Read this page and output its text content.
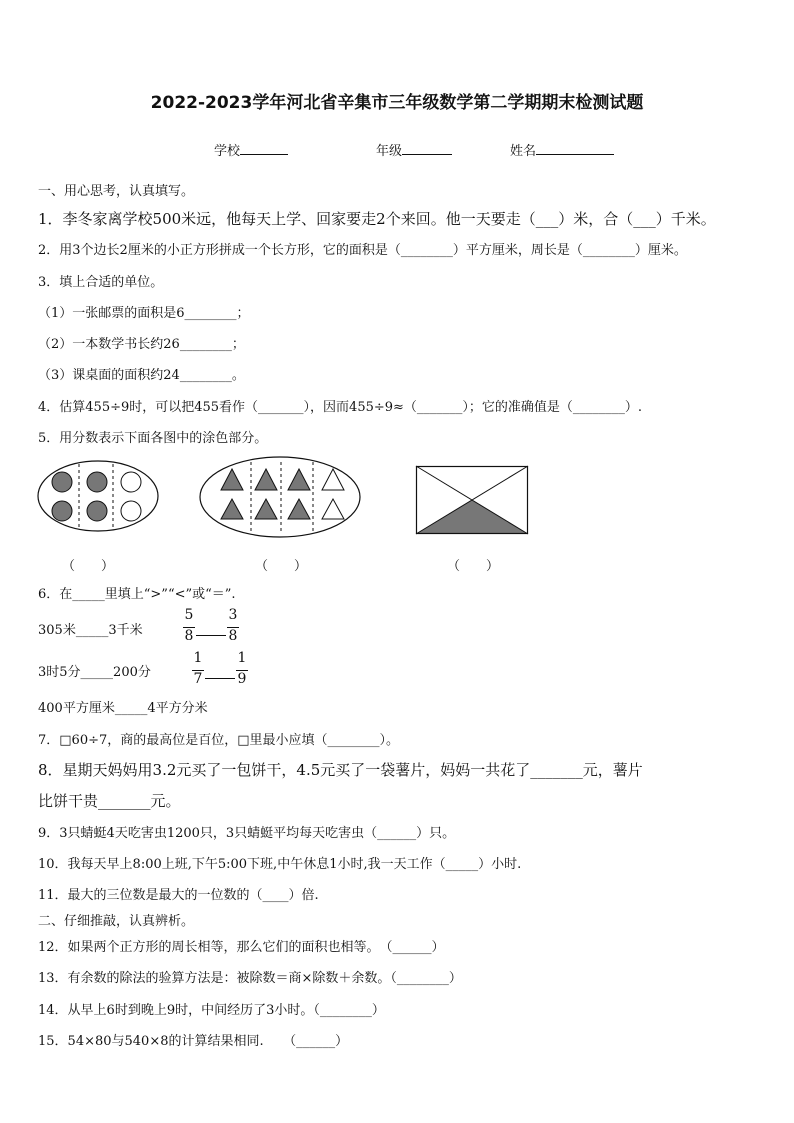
2022-2023学年河北省辛集市三年级数学第二学期期末检测试题
学校	年级	姓名
一、用心思考，认真填写。
1．李冬家离学校500米远，他每天上学、回家要走2个来回。他一天要走（___）米，合（___）千米。
2．用3个边长2厘米的小正方形拼成一个长方形，它的面积是（________）平方厘米，周长是（________）厘米。
3．填上合适的单位。
（1）一张邮票的面积是6________；
（2）一本数学书长约26________；
（3）课桌面的面积约24________。
4．估算455÷9时，可以把455看作（_______），因而455÷9≈（_______）；它的准确值是（________）.
5．用分数表示下面各图中的涂色部分。
（　　）	（　　）	（　　）
6．在_____里填上“>”“<”或“＝”.
305米_____3千米
5
8
3
8
3时5分_____200分
1
7
1
9
400平方厘米_____4平方分米
7．□60÷7，商的最高位是百位，□里最小应填（________）。
8．星期天妈妈用3.2元买了一包饼干，4.5元买了一袋薯片，妈妈一共花了_______元，薯片
比饼干贵_______元。
9．3只蜻蜓4天吃害虫1200只，3只蜻蜓平均每天吃害虫（______）只。
10．我每天早上8:00上班,下午5:00下班,中午休息1小时,我一天工作（_____）小时.
11．最大的三位数是最大的一位数的（____）倍.
二、仔细推敲，认真辨析。
12．如果两个正方形的周长相等，那么它们的面积也相等。　（______）
13．有余数的除法的验算方法是：被除数＝商×除数＋余数。（________）
14．从早上6时到晚上9时，中间经历了3小时。（________）
15．54×80与540×8的计算结果相同.　　（______）
